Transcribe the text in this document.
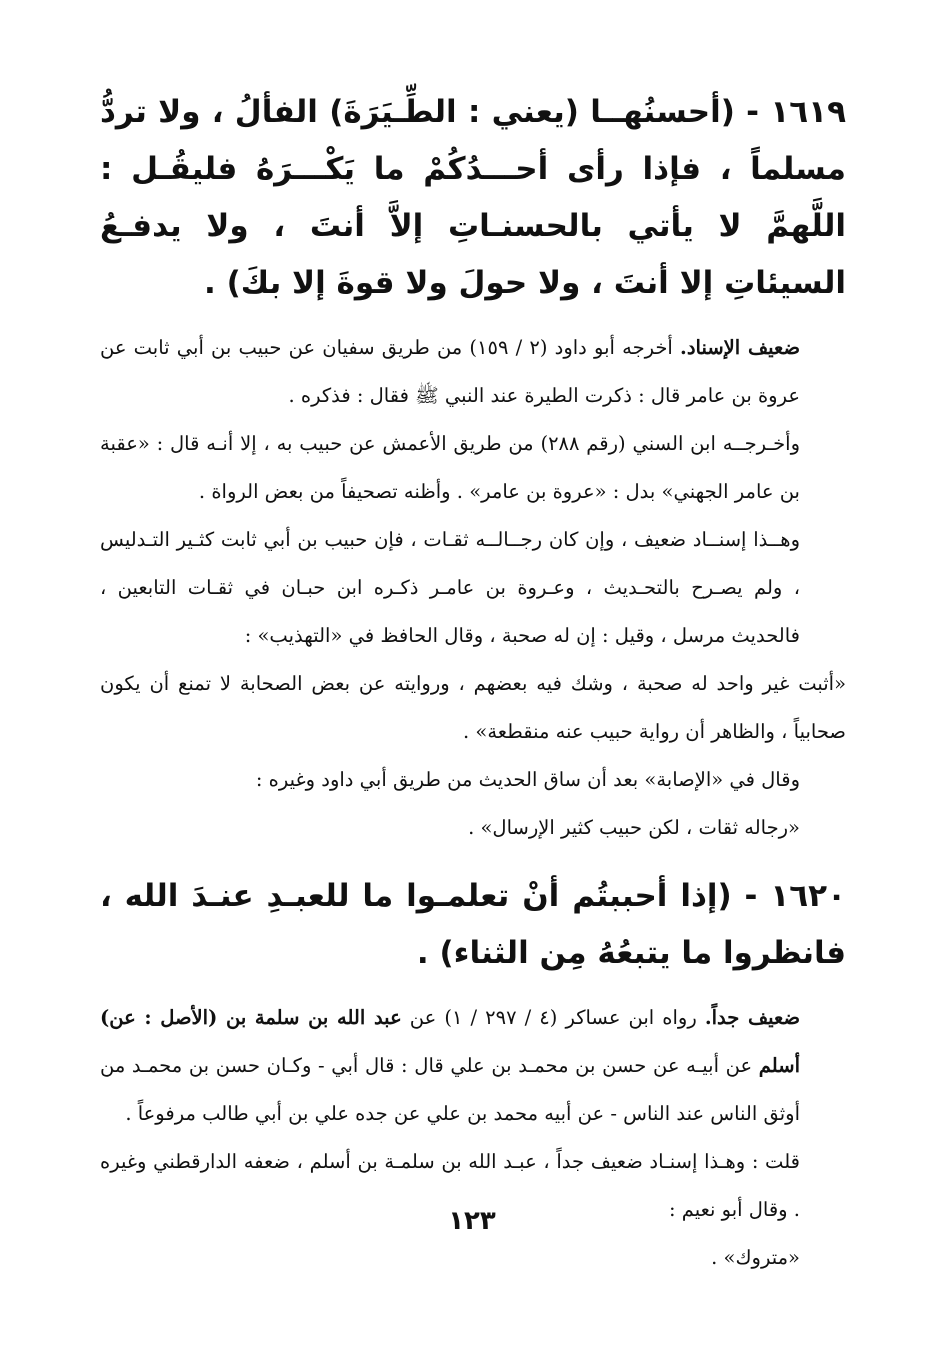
١٦١٩ - (أحسنُهــا (يعني : الطِّـيَرَةَ) الفألُ ، ولا تردُّ مسلماً ، فإذا رأى أحـــدُكُمْ ما يَكْـــرَهُ فليقُـل : اللَّهمَّ لا يأتي بالحسنـاتِ إلاَّ أنتَ ، ولا يدفـعُ السيئاتِ إلا أنتَ ، ولا حولَ ولا قوةَ إلا بكَ) .

ضعيف الإسناد. أخرجه أبو داود (٢ / ١٥٩) من طريق سفيان عن حبيب بن أبي ثابت عن عروة بن عامر قال : ذكرت الطيرة عند النبي ﷺ فقال : فذكره .

وأخـرجــه ابن السني (رقم ٢٨٨) من طريق الأعمش عن حبيب به ، إلا أنـه قال : «عقبة بن عامر الجهني» بدل : «عروة بن عامر» . وأظنه تصحيفاً من بعض الرواة .

وهــذا إسنــاد ضعيف ، وإن كان رجــالــه ثقـات ، فإن حبيب بن أبي ثابت كثـير التـدليس ، ولم يصـرح بالتحـديث ، وعـروة بن عامـر ذكـره ابن حبـان في ثقـات التابعين ، فالحديث مرسل ، وقيل : إن له صحبة ، وقال الحافظ في «التهذيب» :

«أثبت غير واحد له صحبة ، وشك فيه بعضهم ، وروايته عن بعض الصحابة لا تمنع أن يكون صحابياً ، والظاهر أن رواية حبيب عنه منقطعة» .

وقال في «الإصابة» بعد أن ساق الحديث من طريق أبي داود وغيره :

«رجاله ثقات ، لكن حبيب كثير الإرسال» .

١٦٢٠ - (إذا أحببتُم أنْ تعلمـوا ما للعبـدِ عنـدَ الله ، فانظروا ما يتبعُهُ مِن الثناء) .

ضعيف جداً. رواه ابن عساكر (٤ / ٢٩٧ / ١) عن عبد الله بن سلمة بن (الأصل : عن) أسلم عن أبيـه عن حسن بن محمـد بن علي قال : قال أبي - وكـان حسن بن محمـد من أوثق الناس عند الناس - عن أبيه محمد بن علي عن جده علي بن أبي طالب مرفوعاً .

قلت : وهـذا إسنـاد ضعيف جداً ، عبـد الله بن سلمـة بن أسلم ، ضعفه الدارقطني وغيره . وقال أبو نعيم :

«متروك» .

١٢٣
